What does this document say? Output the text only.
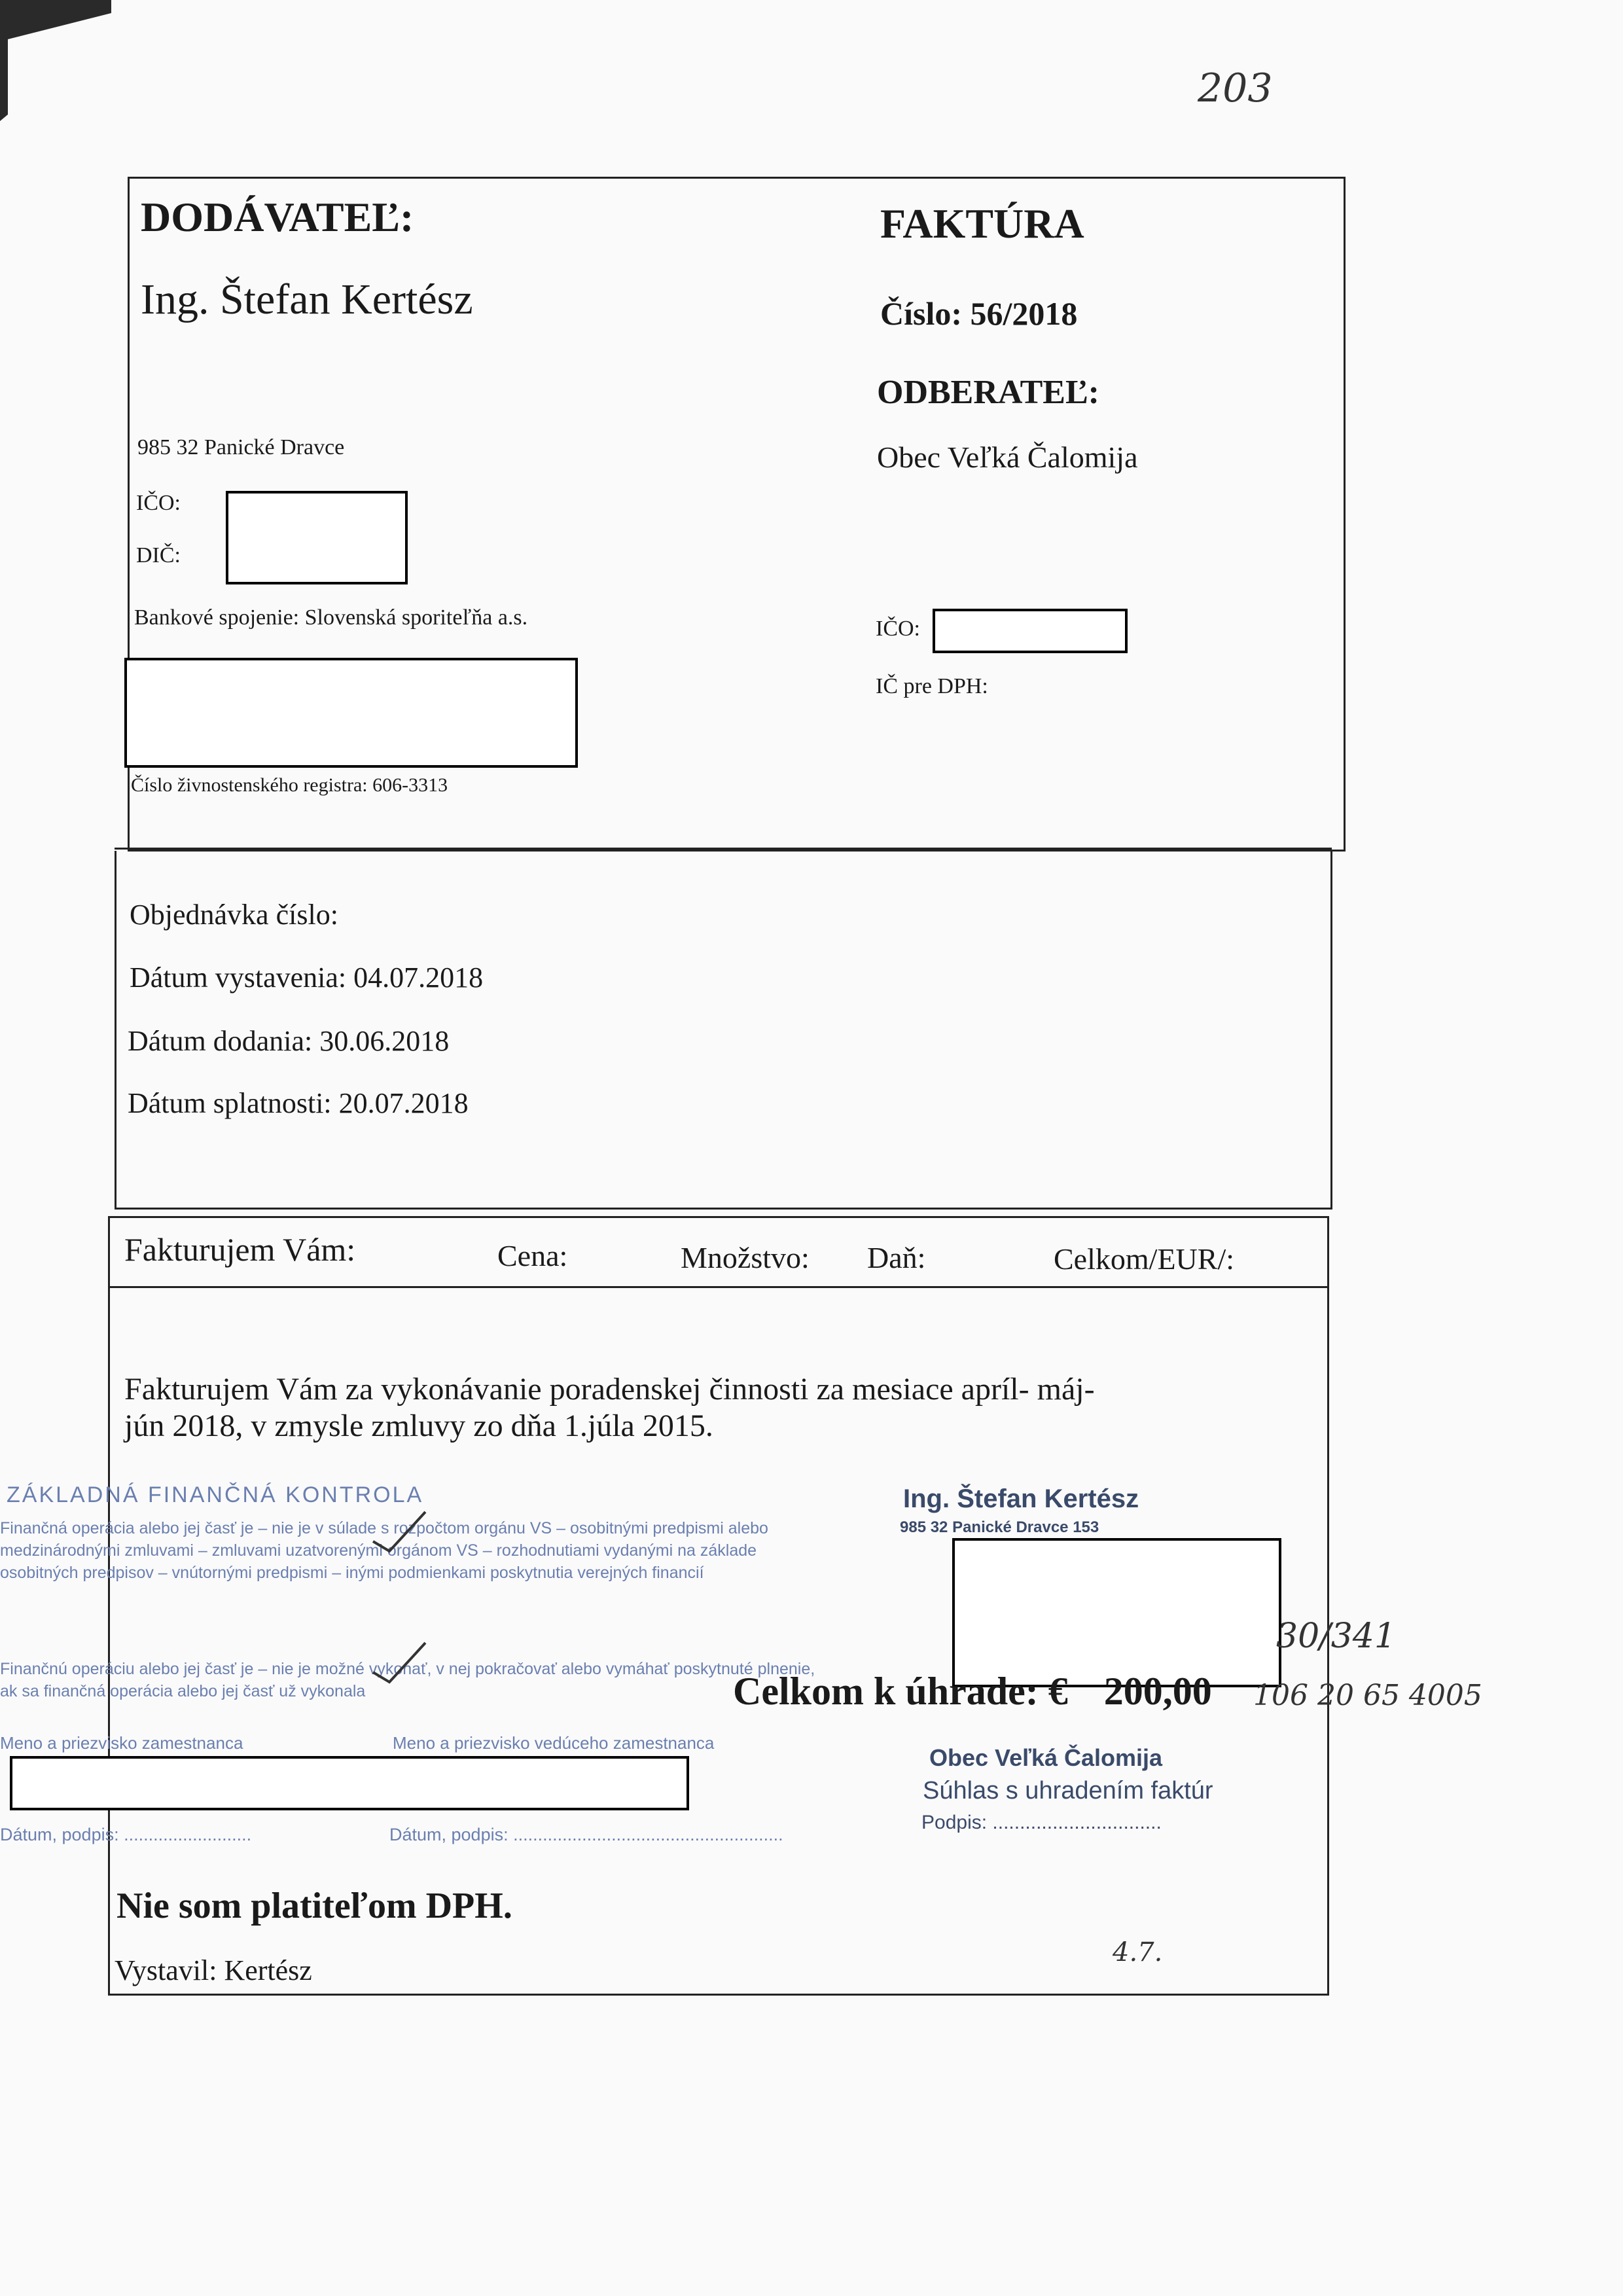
203
DODÁVATEĽ:
Ing. Štefan Kertész
985 32 Panické Dravce
IČO:
DIČ:
Bankové spojenie: Slovenská sporiteľňa a.s.
Číslo živnostenského registra: 606-3313
FAKTÚRA
Číslo: 56/2018
ODBERATEĽ:
Obec Veľká Čalomija
IČO:
IČ pre DPH:
Objednávka číslo:
Dátum vystavenia: 04.07.2018
Dátum dodania: 30.06.2018
Dátum splatnosti: 20.07.2018
Fakturujem Vám:	Cena:	Množstvo: Daň:	Celkom/EUR/:
Fakturujem Vám za vykonávanie poradenskej činnosti za mesiace apríl- máj-
jún 2018, v zmysle zmluvy zo dňa 1.júla 2015.
Ing. Štefan Kertész
985 32 Panické Dravce 153
Celkom k úhrade: € 200,00
30/341
106 20 65 4005
4.7.
ZÁKLADNÁ FINANČNÁ KONTROLA
Finančná operácia alebo jej časť je – nie je v súlade s rozpočtom orgánu VS – osobitnými predpismi alebo medzinárodnými zmluvami – zmluvami uzatvorenými orgánom VS – rozhodnutiami vydanými na základe osobitných predpisov – vnútornými predpismi – inými podmienkami poskytnutia verejných financií
Finančnú operáciu alebo jej časť je – nie je možné vykonať, v nej pokračovať alebo vymáhať poskytnuté plnenie, ak sa finančná operácia alebo jej časť už vykonala
Meno a priezvisko zamestnanca	Meno a priezvisko vedúceho zamestnanca
Dátum, podpis: ..........................	Dátum, podpis: .......................................................
Obec Veľká Čalomija
Súhlas s uhradením faktúr
Podpis: ...............................
Nie som platiteľom DPH.
Vystavil: Kertész
